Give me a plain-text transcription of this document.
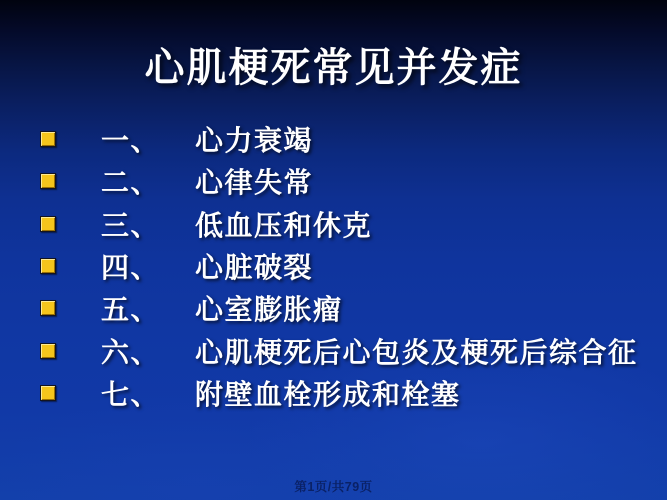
心肌梗死常见并发症
一、	心力衰竭
二、	心律失常
三、	低血压和休克
四、	心脏破裂
五、	心室膨胀瘤
六、	心肌梗死后心包炎及梗死后综合征
七、	附壁血栓形成和栓塞
第1页/共79页
